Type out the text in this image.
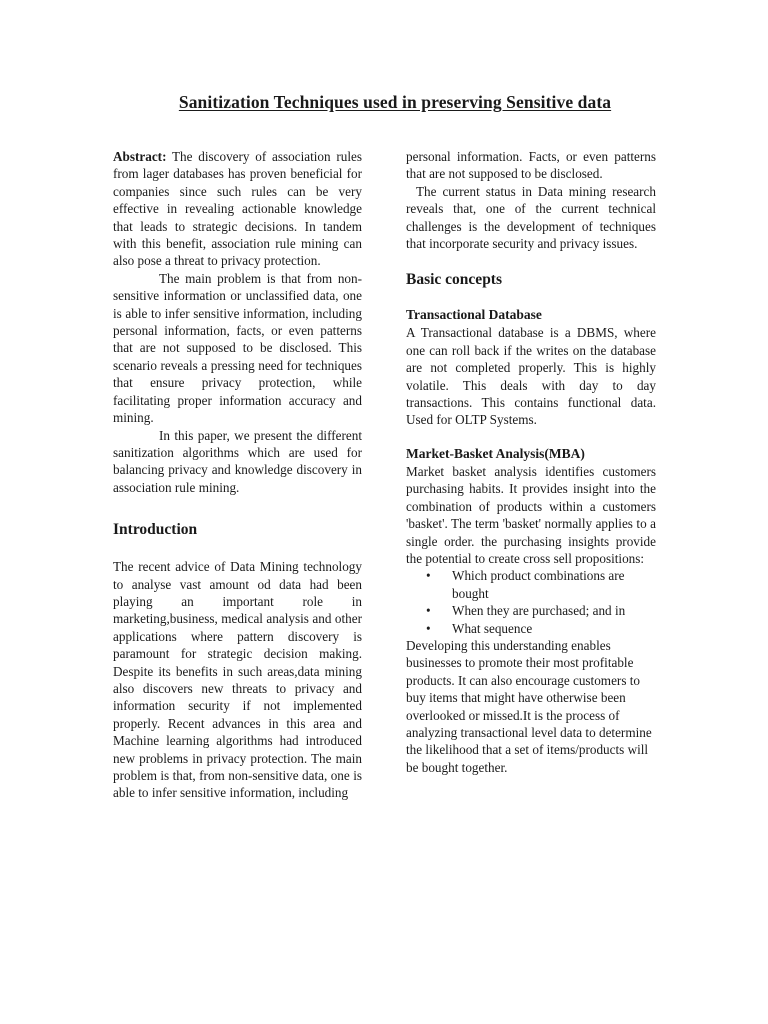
Sanitization Techniques used in preserving Sensitive data

Abstract: The discovery of association rules from lager databases has proven beneficial for companies since such rules can be very effective in revealing actionable knowledge that leads to strategic decisions. In tandem with this benefit, association rule mining can also pose a threat to privacy protection.

The main problem is that from non-sensitive information or unclassified data, one is able to infer sensitive information, including personal information, facts, or even patterns that are not supposed to be disclosed. This scenario reveals a pressing need for techniques that ensure privacy protection, while facilitating proper information accuracy and mining.

In this paper, we present the different sanitization algorithms which are used for balancing privacy and knowledge discovery in association rule mining.

Introduction

The recent advice of Data Mining technology to analyse vast amount od data had been playing an important role in marketing,business, medical analysis and other applications where pattern discovery is paramount for strategic decision making. Despite its benefits in such areas,data mining also discovers new threats to privacy and information security if not implemented properly. Recent advances in this area and Machine learning algorithms had introduced new problems in privacy protection. The main problem is that, from non-sensitive data, one is able to infer sensitive information, including

personal information. Facts, or even patterns that are not supposed to be disclosed.

The current status in Data mining research reveals that, one of the current technical challenges is the development of techniques that incorporate security and privacy issues.

Basic concepts
Transactional Database

A Transactional database is a DBMS, where one can roll back if the writes on the database are not completed properly. This is highly volatile. This deals with day to day transactions. This contains functional data. Used for OLTP Systems.

Market-Basket Analysis(MBA)

Market basket analysis identifies customers purchasing habits. It provides insight into the combination of products within a customers 'basket'. The term 'basket' normally applies to a single order. the purchasing insights provide the potential to create cross sell propositions:

• Which product combinations are bought
• When they are purchased; and in
• What sequence

Developing this understanding enables businesses to promote their most profitable products. It can also encourage customers to buy items that might have otherwise been overlooked or missed.It is the process of analyzing transactional level data to determine the likelihood that a set of items/products will be bought together.
